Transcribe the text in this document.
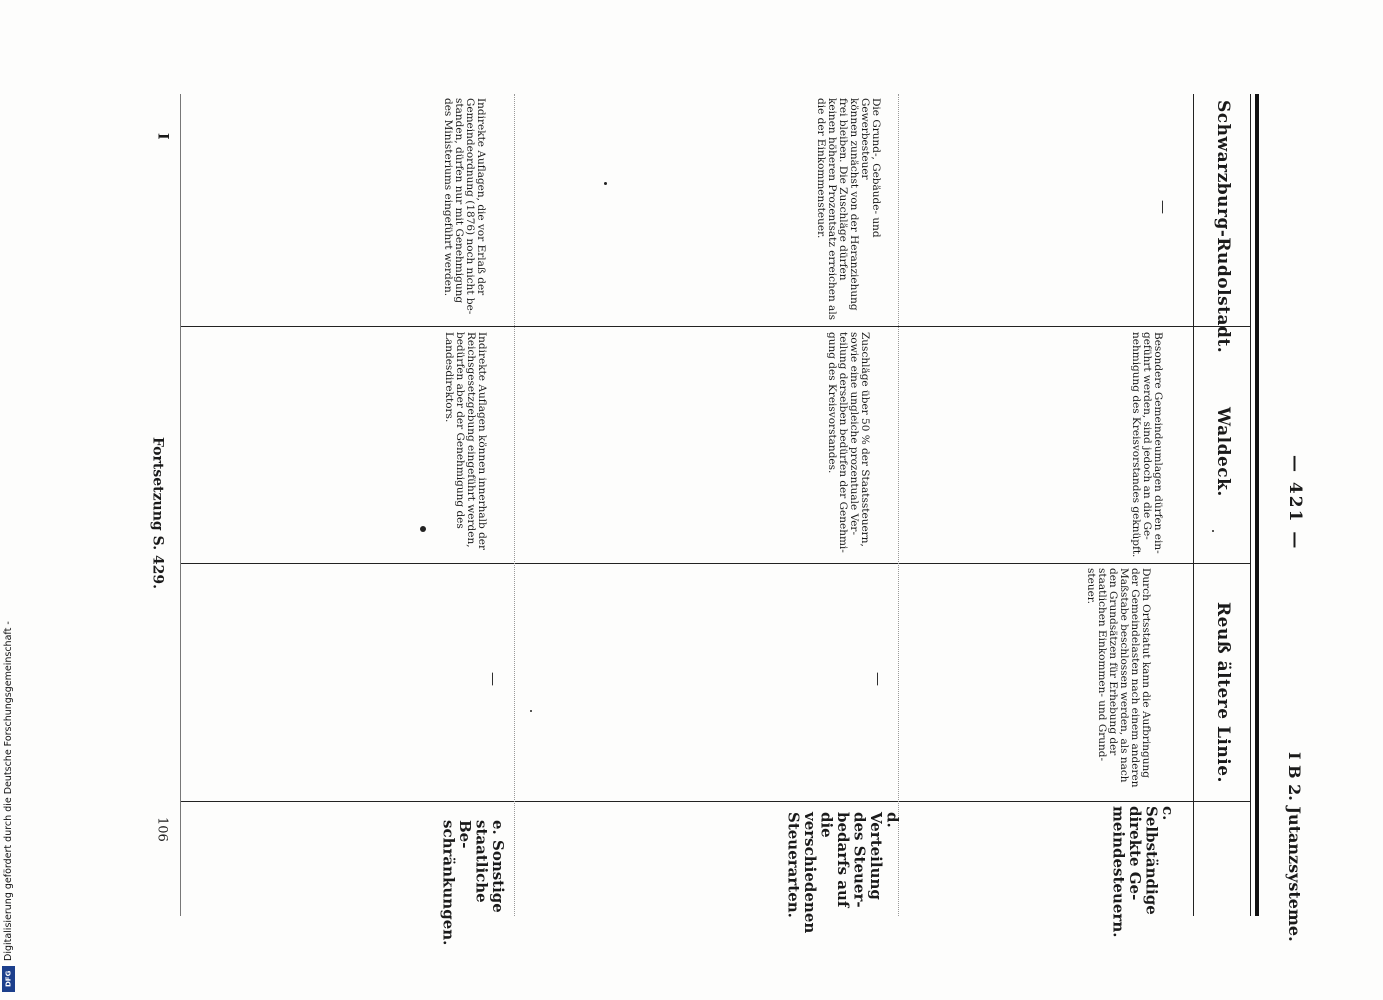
— 421 —
I B 2. Jutanzsysteme.
Schwarzburg-Rudolstadt.
Waldeck.
Reuß ältere Linie.
c. Selbständige
direkte Ge-
meindesteuern.
d. Verteilung
des Steuer-
bedarfs auf die
verschiedenen
Steuerarten.
e. Sonstige
staatliche Be-
schränkungen.
Durch Ortsstatut kann die Aufbringung
der Gemeindelasten nach einem anderen
Maßstabe beschlossen werden, als nach
den Grundsätzen für Erhebung der
staatlichen Einkommen- und Grund-
steuer.
Besondere Gemeindeumlagen dürfen ein-
geführt werden, sind jedoch an die Ge-
nehmigung des Kreisvorstandes geknüpft.
—
—
Zuschläge über 50 % der Staatssteuern,
sowie eine ungleiche prozentuale Ver-
teilung derselben bedürfen der Genehmi-
gung des Kreisvorstandes.
Die Grund-, Gebäude- und Gewerbesteuer
können zunächst von der Heranziehung
frei bleiben. Die Zuschläge dürfen
keinen höheren Prozentsatz erreichen als
die der Einkommensteuer.
—
Indirekte Auflagen können innerhalb der
Reichsgesetzgebung eingeführt werden,
bedürfen aber der Genehmigung des
Landesdirektors.
Indirekte Auflagen, die vor Erlaß der
Gemeindeordnung (1876) noch nicht be-
standen, dürfen nur mit Genehmigung
des Ministeriums eingeführt werden.
Fortsetzung S. 429.
I
106
Digitalisierung gefördert durch die Deutsche Forschungsgemeinschaft -
DFG
